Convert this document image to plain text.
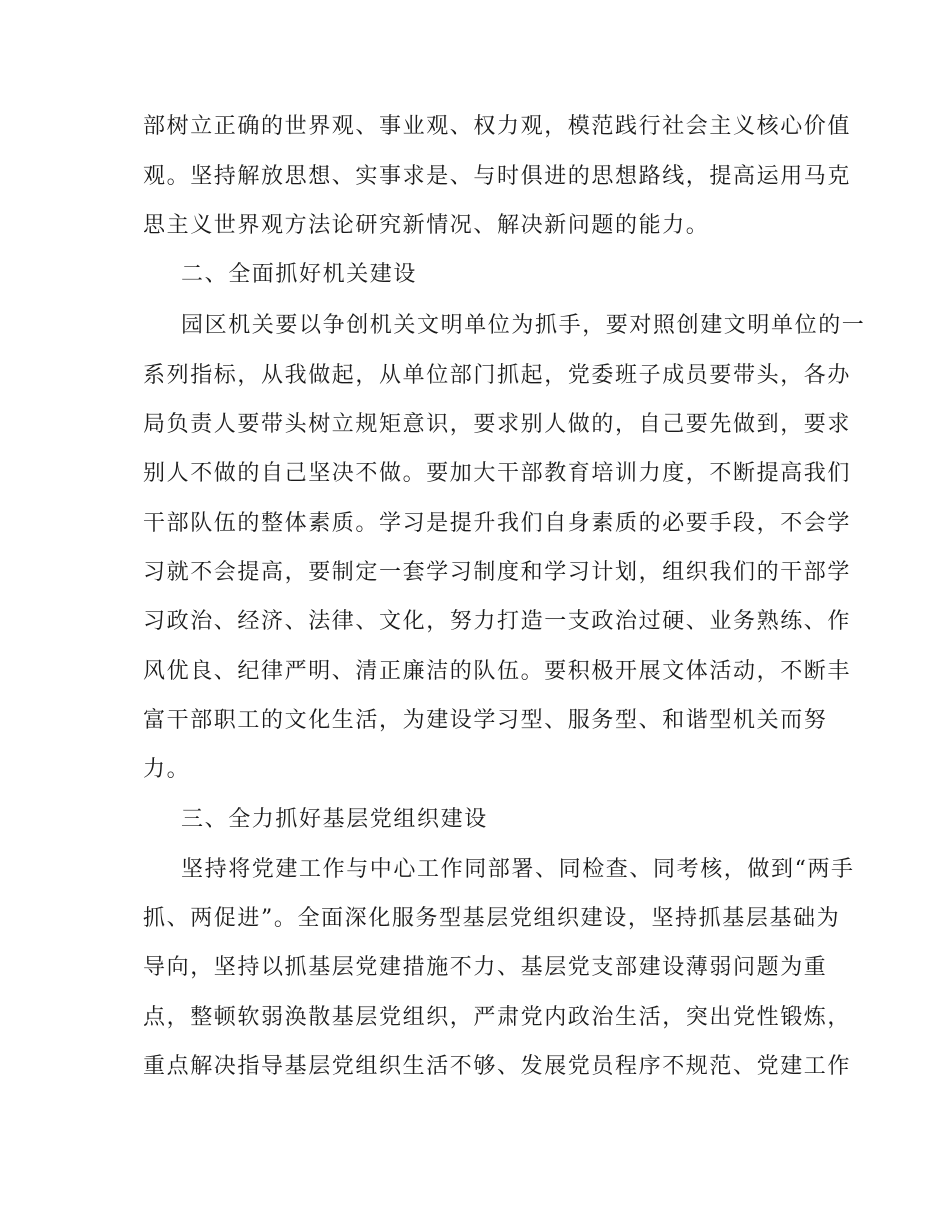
部树立正确的世界观、事业观、权力观，模范践行社会主义核心价值
观。坚持解放思想、实事求是、与时俱进的思想路线，提高运用马克
思主义世界观方法论研究新情况、解决新问题的能力。
二、全面抓好机关建设
园区机关要以争创机关文明单位为抓手，要对照创建文明单位的一
系列指标，从我做起，从单位部门抓起，党委班子成员要带头，各办
局负责人要带头树立规矩意识，要求别人做的，自己要先做到，要求
别人不做的自己坚决不做。要加大干部教育培训力度，不断提高我们
干部队伍的整体素质。学习是提升我们自身素质的必要手段，不会学
习就不会提高，要制定一套学习制度和学习计划，组织我们的干部学
习政治、经济、法律、文化，努力打造一支政治过硬、业务熟练、作
风优良、纪律严明、清正廉洁的队伍。要积极开展文体活动，不断丰
富干部职工的文化生活，为建设学习型、服务型、和谐型机关而努
力。
三、全力抓好基层党组织建设
坚持将党建工作与中心工作同部署、同检查、同考核，做到“两手
抓、两促进”。全面深化服务型基层党组织建设，坚持抓基层基础为
导向，坚持以抓基层党建措施不力、基层党支部建设薄弱问题为重
点，整顿软弱涣散基层党组织，严肃党内政治生活，突出党性锻炼，
重点解决指导基层党组织生活不够、发展党员程序不规范、党建工作
